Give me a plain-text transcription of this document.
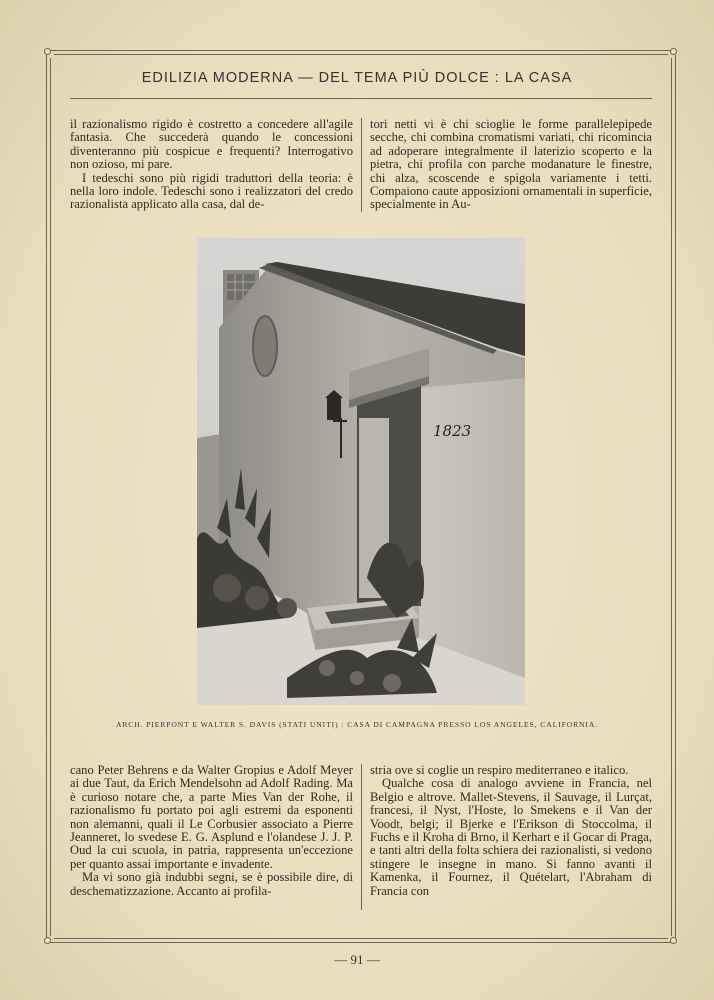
EDILIZIA MODERNA — DEL TEMA PIÙ DOLCE : LA CASA

il razionalismo rigido è costretto a concedere all'agile fantasia. Che succederà quando le concessioni diventeranno più cospicue e frequenti? Interrogativo non ozioso, mi pare.

I tedeschi sono più rigidi traduttori della teoria: è nella loro indole. Tedeschi sono i realizzatori del credo razionalista applicato alla casa, dal de-

tori netti vi è chi scioglie le forme parallelepipede secche, chi combina cromatismi variati, chi ricomincia ad adoperare integralmente il laterizio scoperto e la pietra, chi profila con parche modanature le finestre, chi alza, scoscende e spigola variamente i tetti. Compaiono caute apposizioni ornamentali in superficie, specialmente in Au-

1823
ARCH. PIERPONT E WALTER S. DAVIS (STATI UNITI) : CASA DI CAMPAGNA PRESSO LOS ANGELES, CALIFORNIA.

cano Peter Behrens e da Walter Gropius e Adolf Meyer ai due Taut, da Erich Mendelsohn ad Adolf Rading. Ma è curioso notare che, a parte Mies Van der Rohe, il razionalismo fu portato poi agli estremi da esponenti non alemanni, quali il Le Corbusier associato a Pierre Jeanneret, lo svedese E. G. Asplund e l'olandese J. J. P. Oud la cui scuola, in patria, rappresenta un'eccezione per quanto assai importante e invadente.

Ma vi sono già indubbi segni, se è possibile dire, di deschematizzazione. Accanto ai profila-

stria ove si coglie un respiro mediterraneo e italico.

Qualche cosa di analogo avviene in Francia, nel Belgio e altrove. Mallet-Stevens, il Sauvage, il Lurçat, francesi, il Nyst, l'Hoste, lo Smekens e il Van der Voodt, belgi; il Bjerke e l'Erikson di Stoccolma, il Fuchs e il Kroha di Brno, il Kerhart e il Gocar di Praga, e tanti altri della folta schiera dei razionalisti, si vedono stingere le insegne in mano. Si fanno avanti il Kamenka, il Fournez, il Quételart, l'Abraham di Francia con

— 91 —
